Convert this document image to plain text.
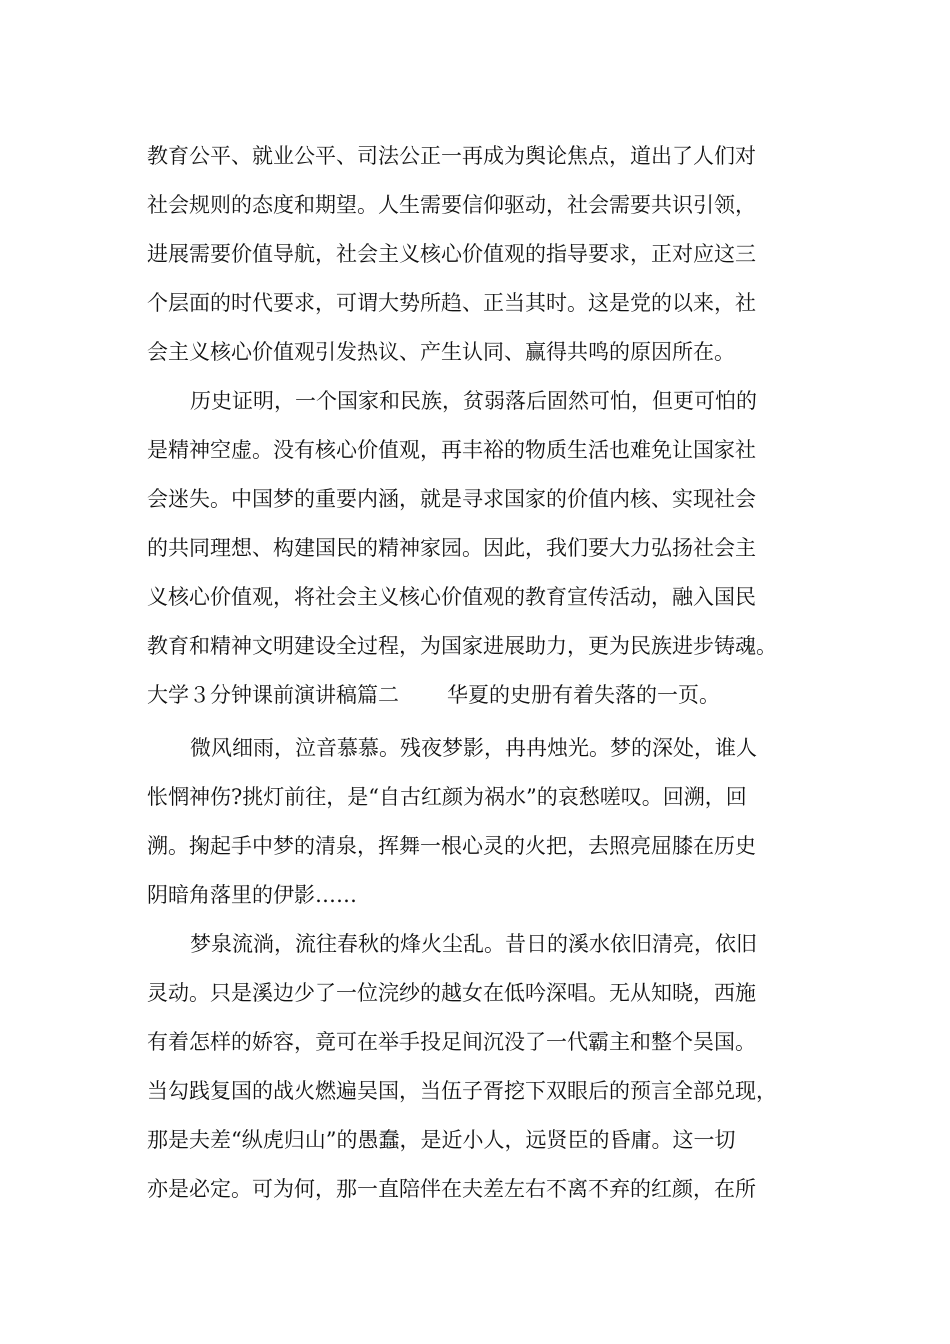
教育公平、就业公平、司法公正一再成为舆论焦点，道出了人们对
社会规则的态度和期望。人生需要信仰驱动，社会需要共识引领，
进展需要价值导航，社会主义核心价值观的指导要求，正对应这三
个层面的时代要求，可谓大势所趋、正当其时。这是党的以来，社
会主义核心价值观引发热议、产生认同、赢得共鸣的原因所在。
历史证明，一个国家和民族，贫弱落后固然可怕，但更可怕的
是精神空虚。没有核心价值观，再丰裕的物质生活也难免让国家社
会迷失。中国梦的重要内涵，就是寻求国家的价值内核、实现社会
的共同理想、构建国民的精神家园。因此，我们要大力弘扬社会主
义核心价值观，将社会主义核心价值观的教育宣传活动，融入国民
教育和精神文明建设全过程，为国家进展助力，更为民族进步铸魂。
大学３分钟课前演讲稿篇二 华夏的史册有着失落的一页。
微风细雨，泣音慕慕。残夜梦影，冉冉烛光。梦的深处，谁人
怅惘神伤?挑灯前往，是“自古红颜为祸水”的哀愁嗟叹。回溯，回
溯。掬起手中梦的清泉，挥舞一根心灵的火把，去照亮屈膝在历史
阴暗角落里的伊影……
梦泉流淌，流往春秋的烽火尘乱。昔日的溪水依旧清亮，依旧
灵动。只是溪边少了一位浣纱的越女在低吟深唱。无从知晓，西施
有着怎样的娇容，竟可在举手投足间沉没了一代霸主和整个吴国。
当勾践复国的战火燃遍吴国，当伍子胥挖下双眼后的预言全部兑现，
那是夫差“纵虎归山”的愚蠢，是近小人，远贤臣的昏庸。这一切
亦是必定。可为何，那一直陪伴在夫差左右不离不弃的红颜，在所
